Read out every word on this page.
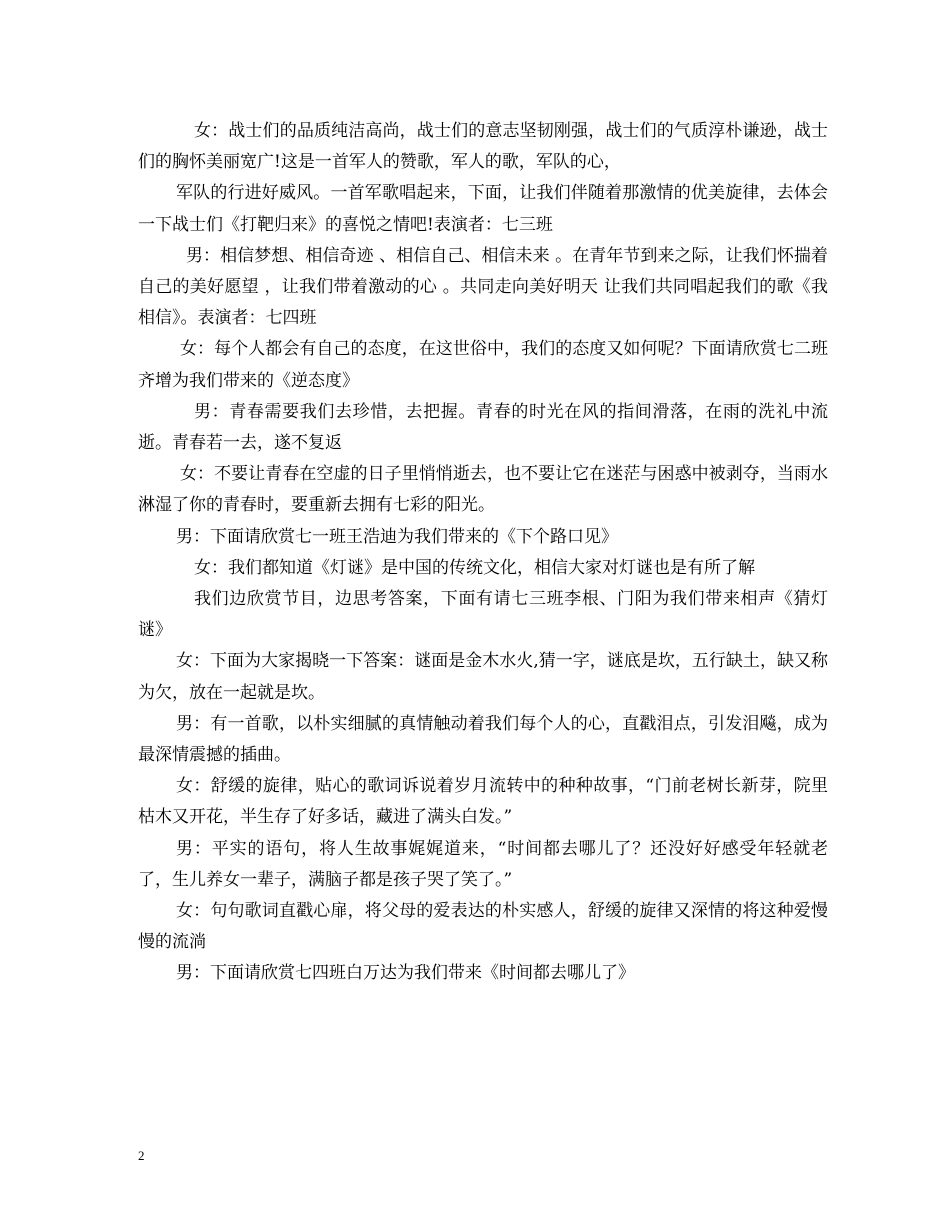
女：战士们的品质纯洁高尚，战士们的意志坚韧刚强，战士们的气质淳朴谦逊，战士们的胸怀美丽宽广!这是一首军人的赞歌，军人的歌，军队的心，

军队的行进好威风。一首军歌唱起来，下面，让我们伴随着那激情的优美旋律，去体会一下战士们《打靶归来》的喜悦之情吧!表演者：七三班

男：相信梦想、相信奇迹 、相信自己、相信未来 。在青年节到来之际，让我们怀揣着自己的美好愿望 ，让我们带着激动的心 。共同走向美好明天 让我们共同唱起我们的歌《我相信》。表演者：七四班

女：每个人都会有自己的态度，在这世俗中，我们的态度又如何呢？下面请欣赏七二班齐增为我们带来的《逆态度》

男：青春需要我们去珍惜，去把握。青春的时光在风的指间滑落，在雨的洗礼中流逝。青春若一去，遂不复返

女：不要让青春在空虚的日子里悄悄逝去，也不要让它在迷茫与困惑中被剥夺，当雨水淋湿了你的青春时，要重新去拥有七彩的阳光。

男：下面请欣赏七一班王浩迪为我们带来的《下个路口见》

女：我们都知道《灯谜》是中国的传统文化，相信大家对灯谜也是有所了解

我们边欣赏节目，边思考答案，下面有请七三班李根、门阳为我们带来相声《猜灯谜》

女：下面为大家揭晓一下答案：谜面是金木水火,猜一字，谜底是坎，五行缺土，缺又称为欠，放在一起就是坎。

男：有一首歌，以朴实细腻的真情触动着我们每个人的心，直戳泪点，引发泪飚，成为最深情震撼的插曲。

女：舒缓的旋律，贴心的歌词诉说着岁月流转中的种种故事，“门前老树长新芽，院里枯木又开花，半生存了好多话，藏进了满头白发。”

男：平实的语句，将人生故事娓娓道来，“时间都去哪儿了？还没好好感受年轻就老了，生儿养女一辈子，满脑子都是孩子哭了笑了。”

女：句句歌词直戳心扉，将父母的爱表达的朴实感人，舒缓的旋律又深情的将这种爱慢慢的流淌

男：下面请欣赏七四班白万达为我们带来《时间都去哪儿了》

2
